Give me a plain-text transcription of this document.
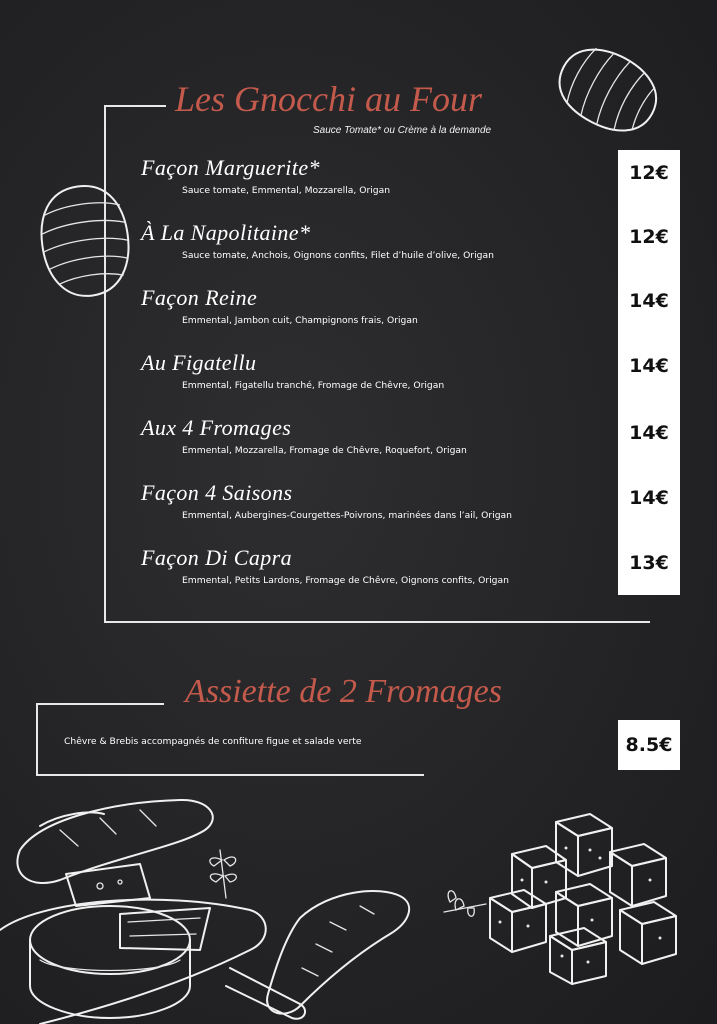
Les Gnocchi au Four
Sauce Tomate* ou Crème à la demande
Façon Marguerite*
Sauce tomate, Emmental, Mozzarella, Origan
À La Napolitaine*
Sauce tomate, Anchois, Oignons confits, Filet d’huile d’olive, Origan
Façon Reine
Emmental, Jambon cuit, Champignons frais, Origan
Au Figatellu
Emmental, Figatellu tranché, Fromage de Chêvre, Origan
Aux 4 Fromages
Emmental, Mozzarella, Fromage de Chêvre, Roquefort, Origan
Façon 4 Saisons
Emmental, Aubergines-Courgettes-Poivrons, marinées dans l’ail, Origan
Façon Di Capra
Emmental, Petits Lardons, Fromage de Chêvre, Oignons confits, Origan
12€
12€
14€
14€
14€
14€
13€
Assiette de 2 Fromages
Chêvre & Brebis accompagnés de confiture figue et salade verte	8.5€
